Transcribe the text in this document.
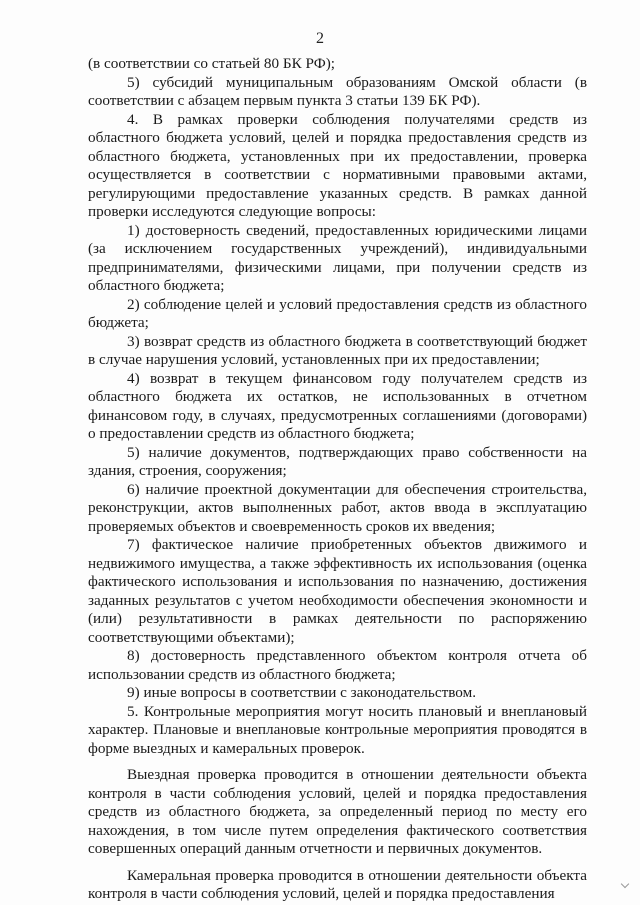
2

(в соответствии со статьей 80 БК РФ);

5) субсидий муниципальным образованиям Омской области (в соответствии с абзацем первым пункта 3 статьи 139 БК РФ).

4. В рамках проверки соблюдения получателями средств из областного бюджета условий, целей и порядка предоставления средств из областного бюджета, установленных при их предоставлении, проверка осуществляется в соответствии с нормативными правовыми актами, регулирующими предоставление указанных средств. В рамках данной проверки исследуются следующие вопросы:

1) достоверность сведений, предоставленных юридическими лицами (за исключением государственных учреждений), индивидуальными предпринимателями, физическими лицами, при получении средств из областного бюджета;

2) соблюдение целей и условий предоставления средств из областного бюджета;

3) возврат средств из областного бюджета в соответствующий бюджет в случае нарушения условий, установленных при их предоставлении;

4) возврат в текущем финансовом году получателем средств из областного бюджета их остатков, не использованных в отчетном финансовом году, в случаях, предусмотренных соглашениями (договорами) о предоставлении средств из областного бюджета;

5) наличие документов, подтверждающих право собственности на здания, строения, сооружения;

6) наличие проектной документации для обеспечения строительства, реконструкции, актов выполненных работ, актов ввода в эксплуатацию проверяемых объектов и своевременность сроков их введения;

7) фактическое наличие приобретенных объектов движимого и недвижимого имущества, а также эффективность их использования (оценка фактического использования и использования по назначению, достижения заданных результатов с учетом необходимости обеспечения экономности и (или) результативности в рамках деятельности по распоряжению соответствующими объектами);

8) достоверность представленного объектом контроля отчета об использовании средств из областного бюджета;

9) иные вопросы в соответствии с законодательством.

5. Контрольные мероприятия могут носить плановый и внеплановый характер. Плановые и внеплановые контрольные мероприятия проводятся в форме выездных и камеральных проверок.

Выездная проверка проводится в отношении деятельности объекта контроля в части соблюдения условий, целей и порядка предоставления средств из областного бюджета, за определенный период по месту его нахождения, в том числе путем определения фактического соответствия совершенных операций данным отчетности и первичных документов.

Камеральная проверка проводится в отношении деятельности объекта контроля в части соблюдения условий, целей и порядка предоставления
